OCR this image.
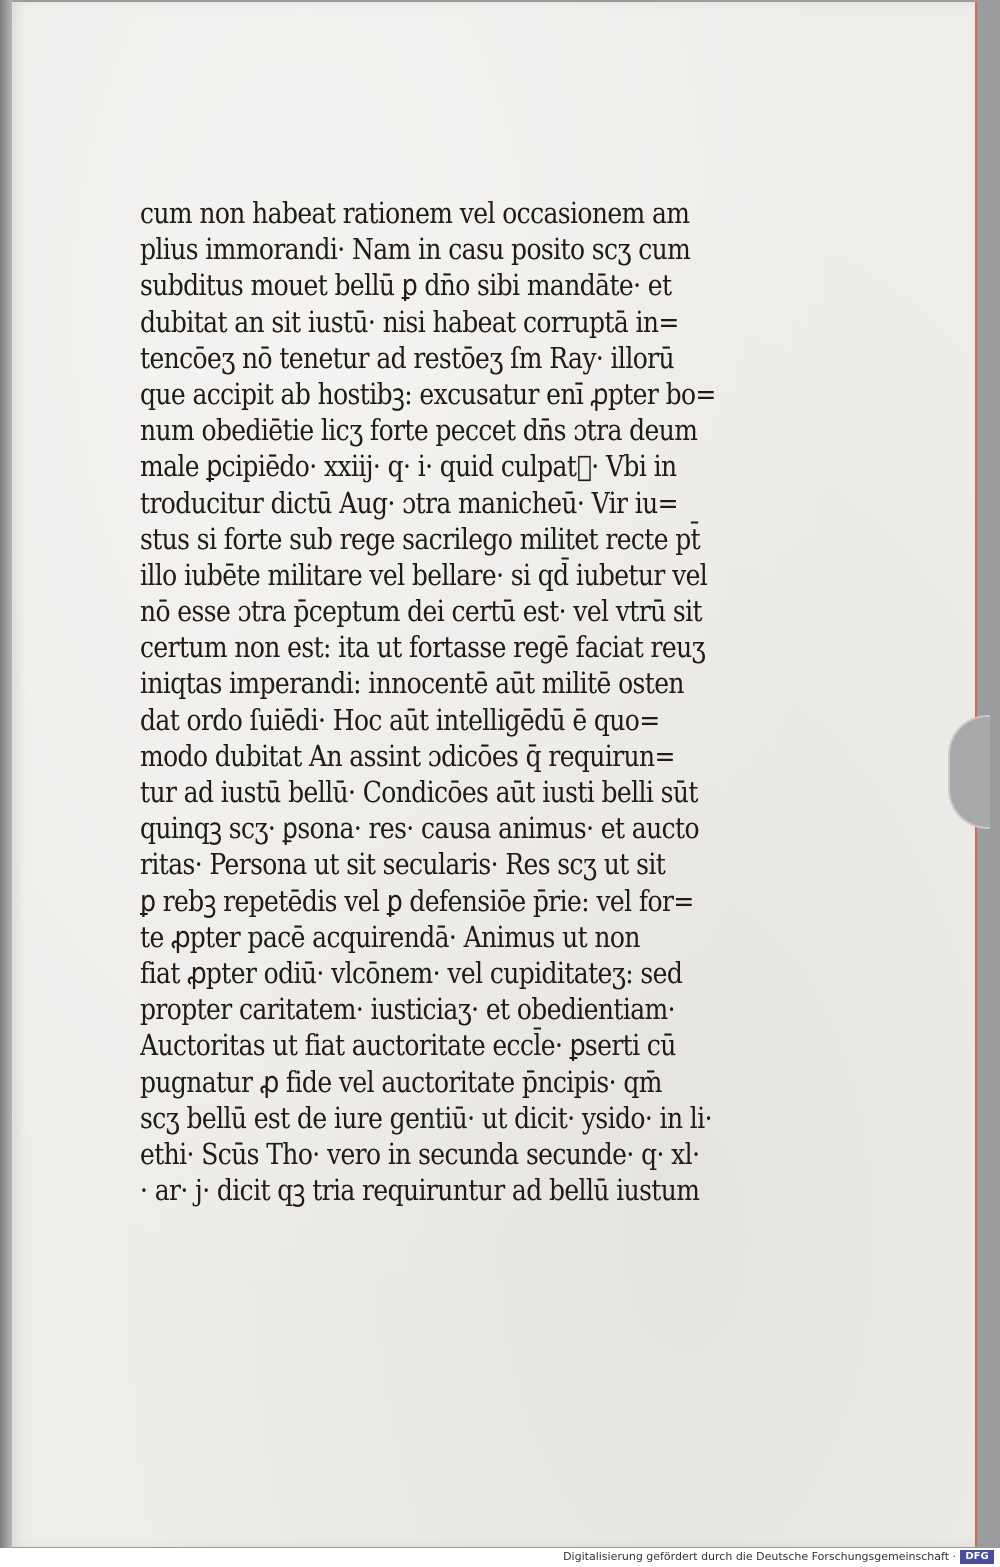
cum non habeat rationem vel occasionem am
plius immorandi· Nam in casu posito scʒ cum
subditus mouet bellū ꝑ dn̄o sibi mandāte· et
dubitat an sit iustū· nisi habeat corruptā in=
tencōeʒ nō tenetur ad restōeʒ ſm Ray· illorū
que accipit ab hostibꝫ: excusatur enī ꝓpter bo=
num obediētie licʒ forte peccet dn̄s ɔtra deum
male ꝑcipiēdo· xxiij· q· i· quid culpat᷑· Vbi in
troducitur dictū Aug· ɔtra manicheū· Vir iu=
stus si forte sub rege sacrilego militet recte pt̄
illo iubēte militare vel bellare· si qd̄ iubetur vel
nō esse ɔtra p̄ceptum dei certū est· vel vtrū sit
certum non est: ita ut fortasse regē faciat reuʒ
iniqtas imperandi: innocentē aūt militē osten
dat ordo ſuiēdi· Hoc aūt intelligēdū ē quo=
modo dubitat An assint ɔdicōes q̄ requirun=
tur ad iustū bellū· Condicōes aūt iusti belli sūt
quinqꝫ scʒ· ꝑsona· res· causa animus· et aucto
ritas· Persona ut sit secularis· Res scʒ ut sit
ꝑ rebꝫ repetēdis vel ꝑ defensiōe p̄rie: vel for=
te ꝓpter pacē acquirendā· Animus ut non
fiat ꝓpter odiū· vlcōnem· vel cupiditateʒ: sed
propter caritatem· iusticiaʒ· et obedientiam·
Auctoritas ut fiat auctoritate eccl̄e· ꝑserti cū
pugnatur ꝓ fide vel auctoritate p̄ncipis· qm̄
scʒ bellū est de iure gentiū· ut dicit· ysido· in li·
ethi· Scūs Tho· vero in secunda secunde· q· xl·
· ar· j· dicit qꝫ tria requiruntur ad bellū iustum
Digitalisierung gefördert durch die Deutsche Forschungsgemeinschaft · DFG
